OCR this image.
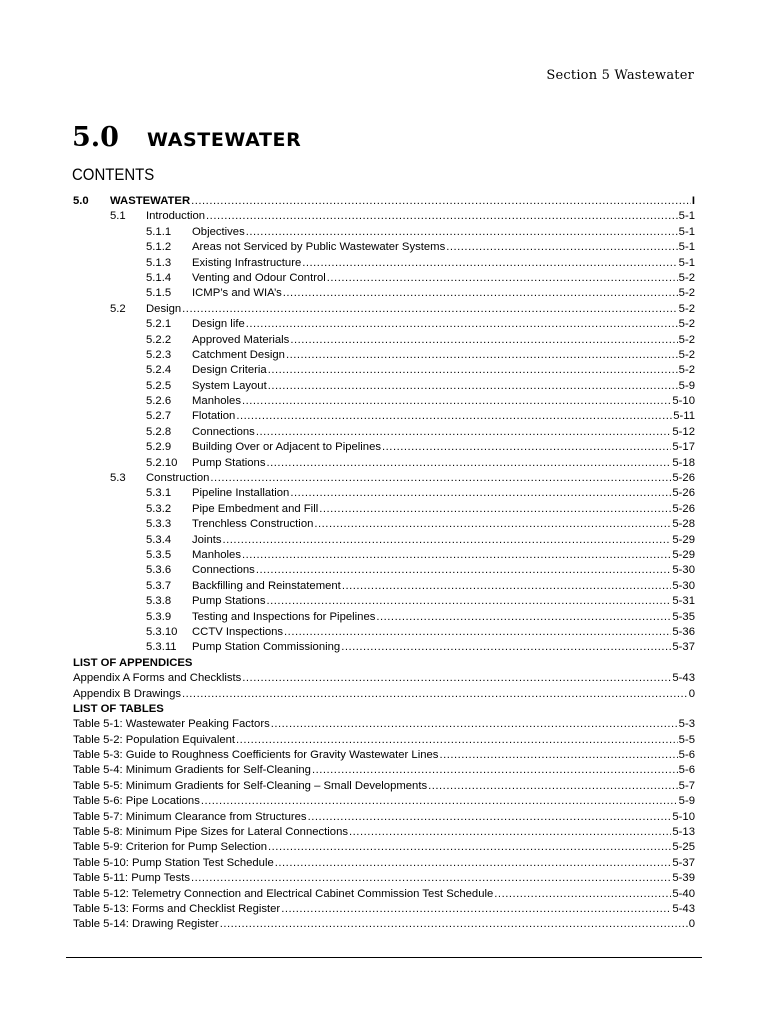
Section 5 Wastewater
5.0	WASTEWATER
CONTENTS
5.0	WASTEWATER .....	I
5.1	Introduction .....	5-1
5.1.1	Objectives .....	5-1
5.1.2	Areas not Serviced by Public Wastewater Systems .....	5-1
5.1.3	Existing Infrastructure .....	5-1
5.1.4	Venting and Odour Control .....	5-2
5.1.5	ICMP’s and WIA’s .....	5-2
5.2	Design .....	5-2
5.2.1	Design life .....	5-2
5.2.2	Approved Materials .....	5-2
5.2.3	Catchment Design .....	5-2
5.2.4	Design Criteria .....	5-2
5.2.5	System Layout .....	5-9
5.2.6	Manholes .....	5-10
5.2.7	Flotation .....	5-11
5.2.8	Connections .....	5-12
5.2.9	Building Over or Adjacent to Pipelines .....	5-17
5.2.10	Pump Stations .....	5-18
5.3	Construction .....	5-26
5.3.1	Pipeline Installation .....	5-26
5.3.2	Pipe Embedment and Fill .....	5-26
5.3.3	Trenchless Construction .....	5-28
5.3.4	Joints .....	5-29
5.3.5	Manholes .....	5-29
5.3.6	Connections .....	5-30
5.3.7	Backfilling and Reinstatement .....	5-30
5.3.8	Pump Stations .....	5-31
5.3.9	Testing and Inspections for Pipelines .....	5-35
5.3.10	CCTV Inspections .....	5-36
5.3.11	Pump Station Commissioning .....	5-37
LIST OF APPENDICES
Appendix A Forms and Checklists .....	5-43
Appendix B Drawings .....	0
LIST OF TABLES
Table 5-1: Wastewater Peaking Factors .....	5-3
Table 5-2: Population Equivalent .....	5-5
Table 5-3: Guide to Roughness Coefficients for Gravity Wastewater Lines .....	5-6
Table 5-4: Minimum Gradients for Self-Cleaning .....	5-6
Table 5-5: Minimum Gradients for Self-Cleaning – Small Developments .....	5-7
Table 5-6: Pipe Locations .....	5-9
Table 5-7: Minimum Clearance from Structures .....	5-10
Table 5-8: Minimum Pipe Sizes for Lateral Connections .....	5-13
Table 5-9: Criterion for Pump Selection .....	5-25
Table 5-10: Pump Station Test Schedule .....	5-37
Table 5-11: Pump Tests .....	5-39
Table 5-12: Telemetry Connection and Electrical Cabinet Commission Test Schedule .....	5-40
Table 5-13: Forms and Checklist Register .....	5-43
Table 5-14: Drawing Register .....	0
